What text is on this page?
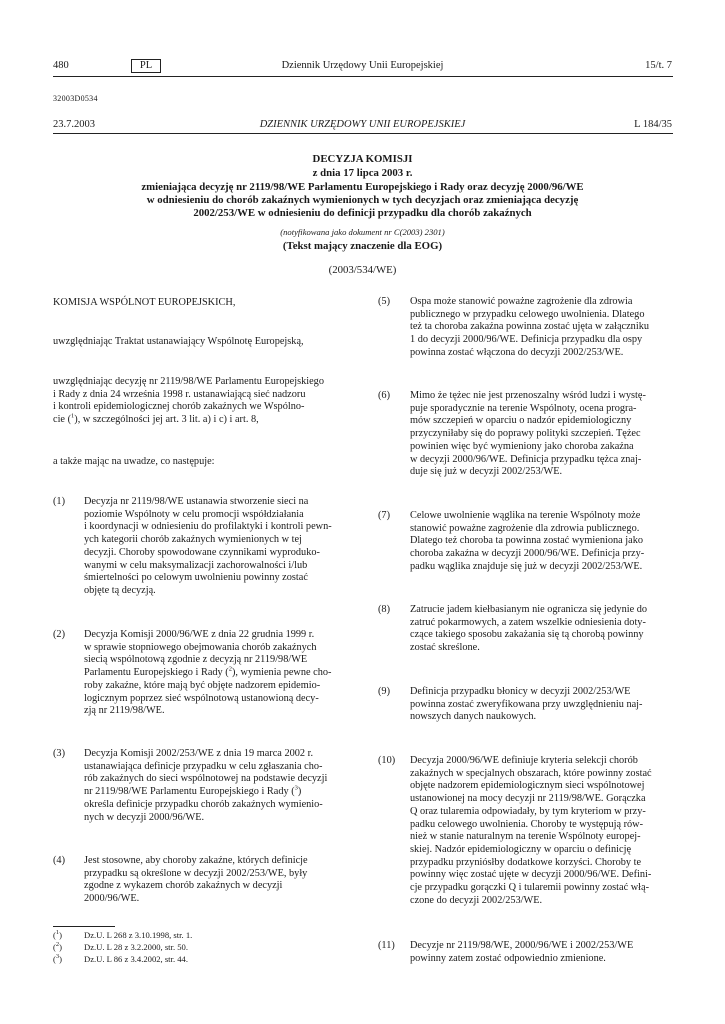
480	PL	Dziennik Urzędowy Unii Europejskiej	15/t. 7
32003D0534
23.7.2003	DZIENNIK URZĘDOWY UNII EUROPEJSKIEJ	L 184/35
DECYZJA KOMISJI
z dnia 17 lipca 2003 r.
zmieniająca decyzję nr 2119/98/WE Parlamentu Europejskiego i Rady oraz decyzję 2000/96/WE
w odniesieniu do chorób zakaźnych wymienionych w tych decyzjach oraz zmieniająca decyzję
2002/253/WE w odniesieniu do definicji przypadku dla chorób zakaźnych
(notyfikowana jako dokument nr C(2003) 2301)
(Tekst mający znaczenie dla EOG)
(2003/534/WE)
KOMISJA WSPÓLNOT EUROPEJSKICH,
uwzględniając Traktat ustanawiający Wspólnotę Europejską,
uwzględniając decyzję nr 2119/98/WE Parlamentu Europejskiego
i Rady z dnia 24 września 1998 r. ustanawiającą sieć nadzoru
i kontroli epidemiologicznej chorób zakaźnych we Wspólno-
cie ($^1$), w szczególności jej art. 3 lit. a) i c) i art. 8,
a także mając na uwadze, co następuje:
(1) Decyzja nr 2119/98/WE ustanawia stworzenie sieci na
poziomie Wspólnoty w celu promocji współdziałania
i koordynacji w odniesieniu do profilaktyki i kontroli pewn-
ych kategorii chorób zakaźnych wymienionych w tej
decyzji. Choroby spowodowane czynnikami wyproduko-
wanymi w celu maksymalizacji zachorowalności i/lub
śmiertelności po celowym uwolnieniu powinny zostać
objęte tą decyzją.
(2) Decyzja Komisji 2000/96/WE z dnia 22 grudnia 1999 r.
w sprawie stopniowego obejmowania chorób zakaźnych
siecią wspólnotową zgodnie z decyzją nr 2119/98/WE
Parlamentu Europejskiego i Rady ($^2$), wymienia pewne cho-
roby zakaźne, które mają być objęte nadzorem epidemio-
logicznym poprzez sieć wspólnotową ustanowioną decy-
zją nr 2119/98/WE.
(3) Decyzja Komisji 2002/253/WE z dnia 19 marca 2002 r.
ustanawiająca definicje przypadku w celu zgłaszania cho-
rób zakaźnych do sieci wspólnotowej na podstawie decyzji
nr 2119/98/WE Parlamentu Europejskiego i Rady ($^3$)
określa definicje przypadku chorób zakaźnych wymienio-
nych w decyzji 2000/96/WE.
(4) Jest stosowne, aby choroby zakaźne, których definicje
przypadku są określone w decyzji 2002/253/WE, były
zgodne z wykazem chorób zakaźnych w decyzji
2000/96/WE.
($^1$)	Dz.U. L 268 z 3.10.1998, str. 1.
($^2$)	Dz.U. L 28 z 3.2.2000, str. 50.
($^3$)	Dz.U. L 86 z 3.4.2002, str. 44.
(5) Ospa może stanowić poważne zagrożenie dla zdrowia
publicznego w przypadku celowego uwolnienia. Dlatego
też ta choroba zakaźna powinna zostać ujęta w załączniku
1 do decyzji 2000/96/WE. Definicja przypadku dla ospy
powinna zostać włączona do decyzji 2002/253/WE.
(6) Mimo że tężec nie jest przenoszalny wśród ludzi i wystę-
puje sporadycznie na terenie Wspólnoty, ocena progra-
mów szczepień w oparciu o nadzór epidemiologiczny
przyczyniłaby się do poprawy polityki szczepień. Tężec
powinien więc być wymieniony jako choroba zakaźna
w decyzji 2000/96/WE. Definicja przypadku tężca znaj-
duje się już w decyzji 2002/253/WE.
(7) Celowe uwolnienie wąglika na terenie Wspólnoty może
stanowić poważne zagrożenie dla zdrowia publicznego.
Dlatego też choroba ta powinna zostać wymieniona jako
choroba zakaźna w decyzji 2000/96/WE. Definicja przy-
padku wąglika znajduje się już w decyzji 2002/253/WE.
(8) Zatrucie jadem kiełbasianym nie ogranicza się jedynie do
zatruć pokarmowych, a zatem wszelkie odniesienia doty-
czące takiego sposobu zakażania się tą chorobą powinny
zostać skreślone.
(9) Definicja przypadku błonicy w decyzji 2002/253/WE
powinna zostać zweryfikowana przy uwzględnieniu naj-
nowszych danych naukowych.
(10) Decyzja 2000/96/WE definiuje kryteria selekcji chorób
zakaźnych w specjalnych obszarach, które powinny zostać
objęte nadzorem epidemiologicznym sieci wspólnotowej
ustanowionej na mocy decyzji nr 2119/98/WE. Gorączka
Q oraz tularemia odpowiadały, by tym kryteriom w przy-
padku celowego uwolnienia. Choroby te występują rów-
nież w stanie naturalnym na terenie Wspólnoty europej-
skiej. Nadzór epidemiologiczny w oparciu o definicję
przypadku przyniósłby dodatkowe korzyści. Choroby te
powinny więc zostać ujęte w decyzji 2000/96/WE. Defini-
cje przypadku gorączki Q i tularemii powinny zostać włą-
czone do decyzji 2002/253/WE.
(11) Decyzje nr 2119/98/WE, 2000/96/WE i 2002/253/WE
powinny zatem zostać odpowiednio zmienione.
